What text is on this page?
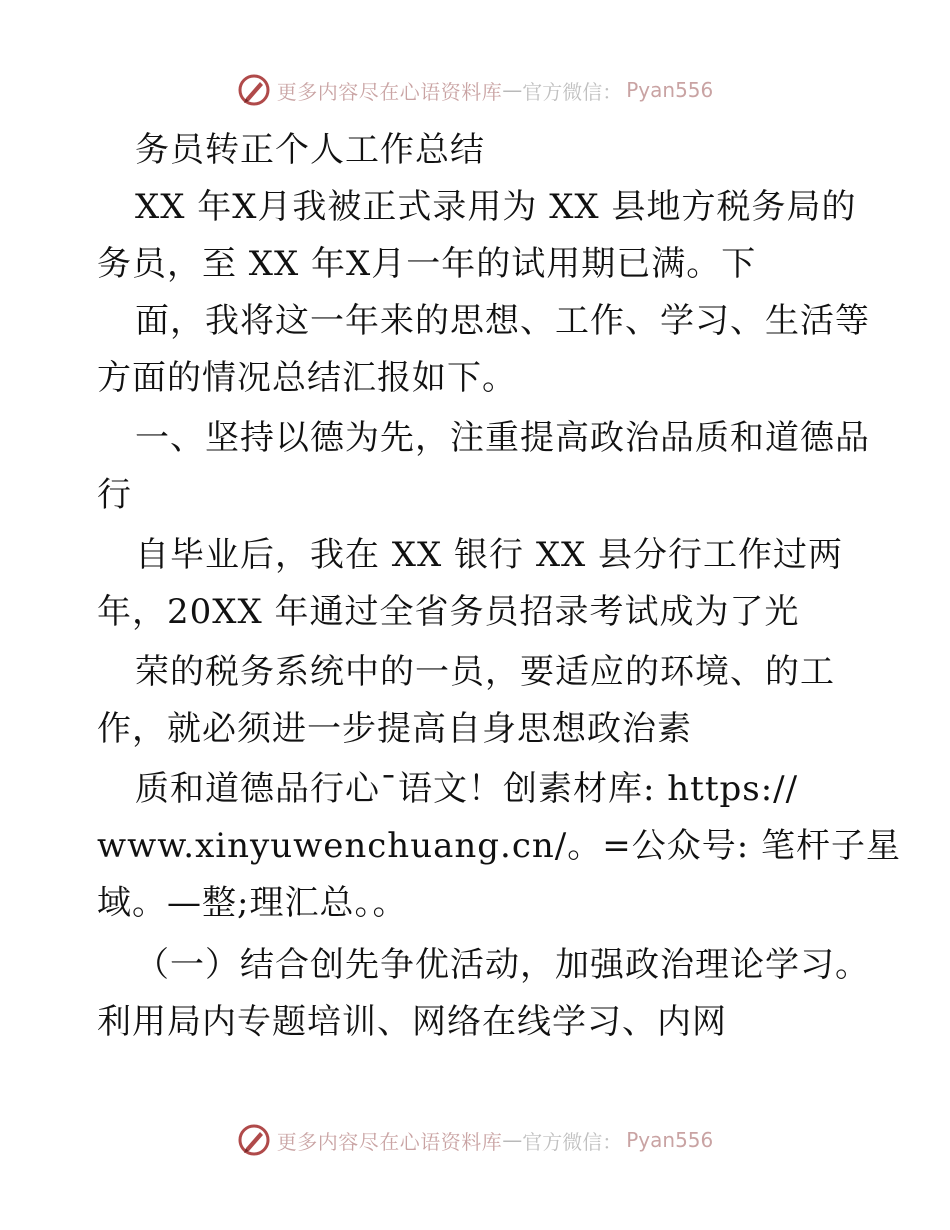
更多内容尽在心语资料库 — 官方微信： Pyan556
务员转正个人工作总结
XX 年X月我被正式录用为 XX 县地方税务局的
务员，至 XX 年X月一年的试用期已满。下
面，我将这一年来的思想、工作、学习、生活等
方面的情况总结汇报如下。
一、坚持以德为先，注重提高政治品质和道德品
行
自毕业后，我在 XX 银行 XX 县分行工作过两
年，20XX 年通过全省务员招录考试成为了光
荣的税务系统中的一员，要适应的环境、的工
作，就必须进一步提高自身思想政治素
质和道德品行心¯语文！创素材库: https://
www.xinyuwenchuang.cn/。=公众号: 笔杆子星
域。—整;理汇总。。
（一）结合创先争优活动，加强政治理论学习。
利用局内专题培训、网络在线学习、内网
更多内容尽在心语资料库 — 官方微信： Pyan556
